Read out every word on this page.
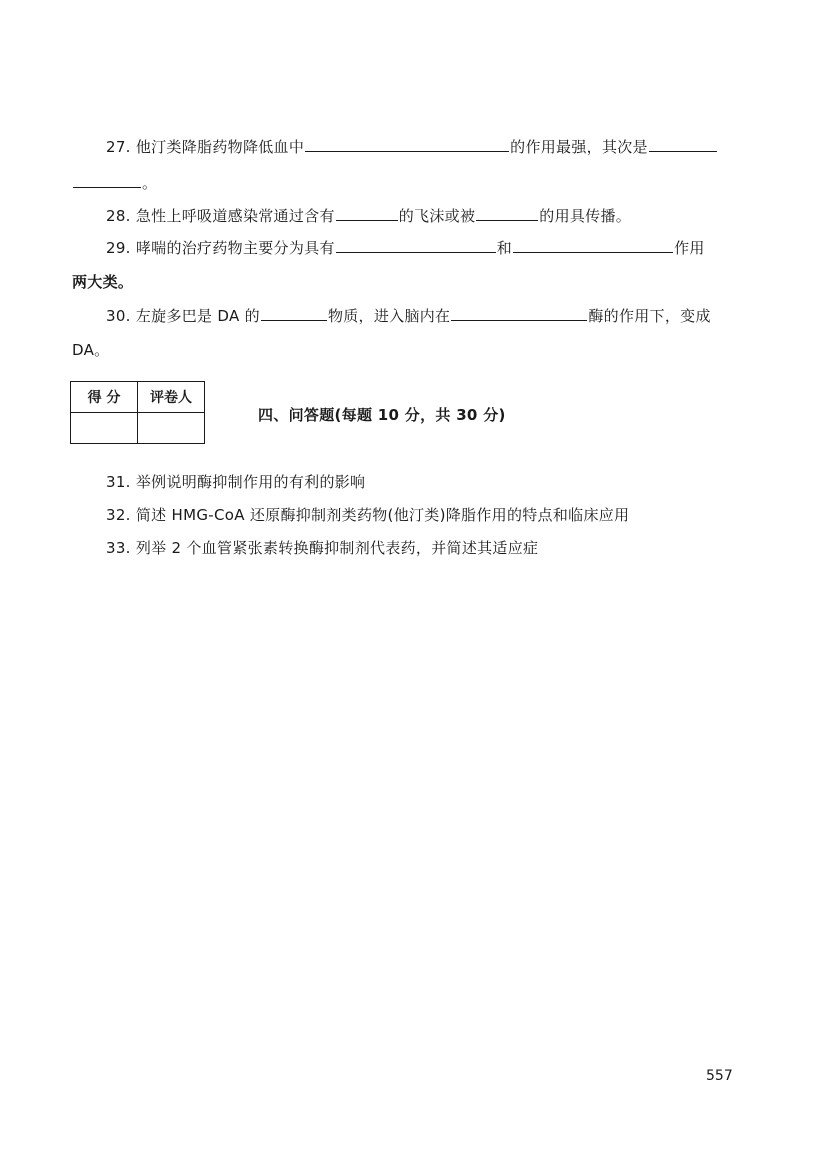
27. 他汀类降脂药物降低血中	的作用最强，其次是
。
28. 急性上呼吸道感染常通过含有	的飞沫或被	的用具传播。
29. 哮喘的治疗药物主要分为具有	和	作用
两大类。
30. 左旋多巴是 DA 的	物质，进入脑内在	酶的作用下，变成
DA。
得 分	评卷人

四、问答题(每题 10 分，共 30 分)
31. 举例说明酶抑制作用的有利的影响
32. 简述 HMG-CoA 还原酶抑制剂类药物(他汀类)降脂作用的特点和临床应用
33. 列举 2 个血管紧张素转换酶抑制剂代表药，并简述其适应症
557
